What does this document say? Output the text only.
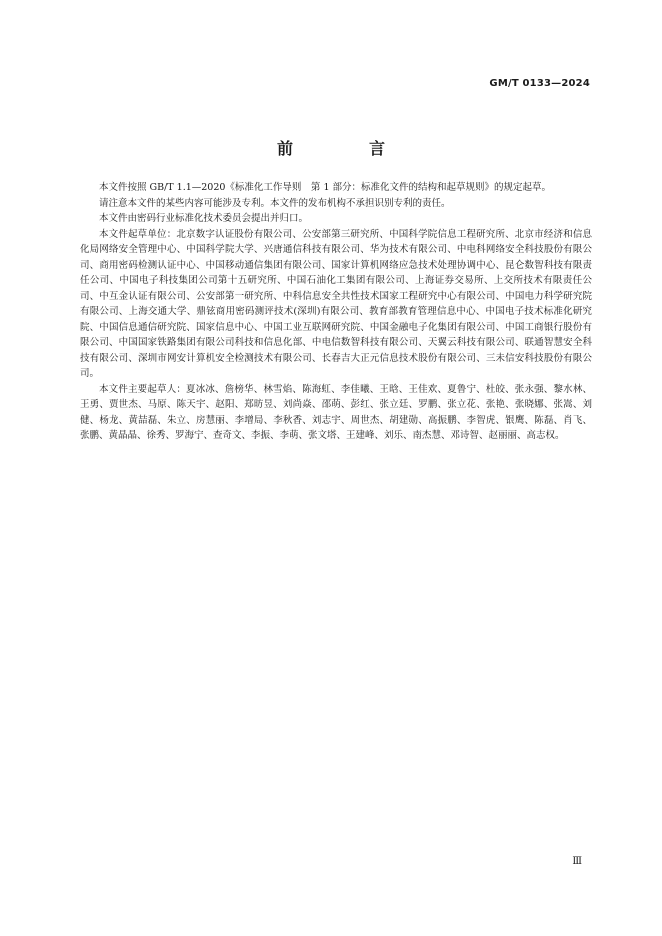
GM/T 0133—2024
前　言

本文件按照 GB/T 1.1—2020《标准化工作导则　第 1 部分：标准化文件的结构和起草规则》的规定起草。

请注意本文件的某些内容可能涉及专利。本文件的发布机构不承担识别专利的责任。

本文件由密码行业标准化技术委员会提出并归口。

本文件起草单位：北京数字认证股份有限公司、公安部第三研究所、中国科学院信息工程研究所、北京市经济和信息化局网络安全管理中心、中国科学院大学、兴唐通信科技有限公司、华为技术有限公司、中电科网络安全科技股份有限公司、商用密码检测认证中心、中国移动通信集团有限公司、国家计算机网络应急技术处理协调中心、昆仑数智科技有限责任公司、中国电子科技集团公司第十五研究所、中国石油化工集团有限公司、上海证券交易所、上交所技术有限责任公司、中互金认证有限公司、公安部第一研究所、中科信息安全共性技术国家工程研究中心有限公司、中国电力科学研究院有限公司、上海交通大学、鼎铉商用密码测评技术(深圳)有限公司、教育部教育管理信息中心、中国电子技术标准化研究院、中国信息通信研究院、国家信息中心、中国工业互联网研究院、中国金融电子化集团有限公司、中国工商银行股份有限公司、中国国家铁路集团有限公司科技和信息化部、中电信数智科技有限公司、天翼云科技有限公司、联通智慧安全科技有限公司、深圳市网安计算机安全检测技术有限公司、长春吉大正元信息技术股份有限公司、三未信安科技股份有限公司。

本文件主要起草人：夏冰冰、詹榜华、林雪焰、陈海虹、李佳曦、王晗、王佳欢、夏鲁宁、杜皎、张永强、黎水林、王勇、贾世杰、马原、陈天宇、赵阳、郑昉昱、刘尚焱、邵萌、彭红、张立廷、罗鹏、张立花、张艳、张晓娜、张嵩、刘健、杨龙、黄喆磊、朱立、房慧丽、李增局、李秋香、刘志宇、周世杰、胡建勋、高振鹏、李智虎、银鹰、陈磊、肖飞、张鹏、黄晶晶、徐秀、罗海宁、查奇文、李振、李萌、张文塔、王建峰、刘乐、南杰慧、邓诗智、赵丽丽、高志权。

Ⅲ
